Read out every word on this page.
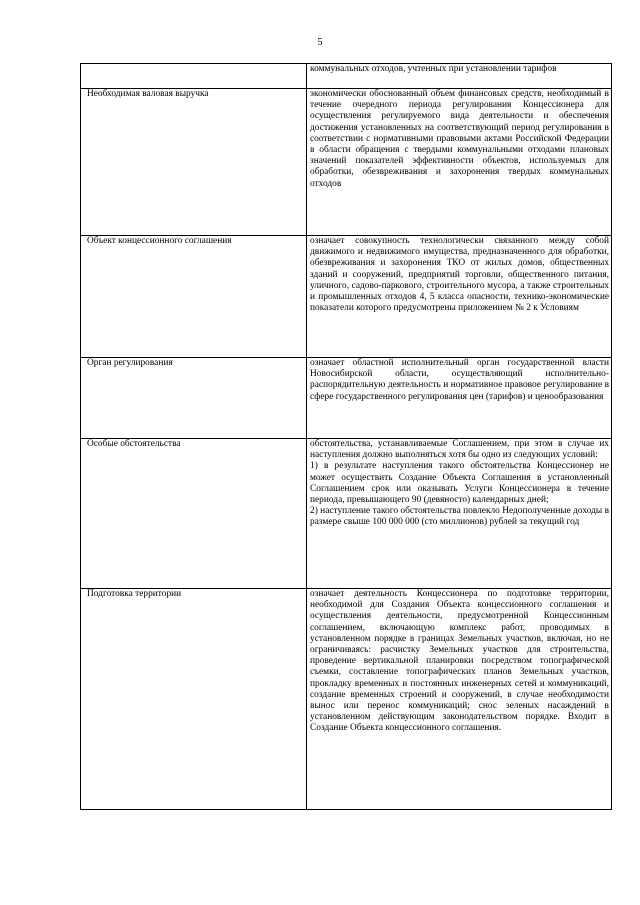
5

	коммунальных отходов, учтенных при установлении тарифов

Необходимая валовая выручка	экономически обоснованный объем финансовых средств, необходимый в течение очередного периода регулирования Концессионера для осуществления регулируемого вида деятельности и обеспечения достижения установленных на соответствующий период регулирования в соответствии с нормативными правовыми актами Российской Федерации в области обращения с твердыми коммунальными отходами плановых значений показателей эффективности объектов, используемых для обработки, обезвреживания и захоронения твердых коммунальных отходов

Объект концессионного соглашения	означает совокупность технологически связанного между собой движимого и недвижимого имущества, предназначенного для обработки, обезвреживания и захоронения ТКО от жилых домов, общественных зданий и сооружений, предприятий торговли, общественного питания, уличного, садово-паркового, строительного мусора, а также строительных и промышленных отходов 4, 5 класса опасности, технико-экономические показатели которого предусмотрены приложением № 2 к Условиям

Орган регулирования	означает областной исполнительный орган государственной власти Новосибирской области, осуществляющий исполнительно-распорядительную деятельность и нормативное правовое регулирование в сфере государственного регулирования цен (тарифов) и ценообразования

Особые обстоятельства	обстоятельства, устанавливаемые Соглашением, при этом в случае их наступления должно выполняться хотя бы одно из следующих условий:

1) в результате наступления такого обстоятельства Концессионер не может осуществить Создание Объекта Соглашения в установленный Соглашением срок или оказывать Услуги Концессионера в течение периода, превышающего 90 (девяносто) календарных дней;

2) наступление такого обстоятельства повлекло Недополученные доходы в размере свыше 100 000 000 (сто миллионов) рублей за текущий год

Подготовка территории	означает деятельность Концессионера по подготовке территории, необходимой для Создания Объекта концессионного соглашения и осуществления деятельности, предусмотренной Концессионным соглашением, включающую комплекс работ, проводимых в установленном порядке в границах Земельных участков, включая, но не ограничиваясь: расчистку Земельных участков для строительства, проведение вертикальной планировки посредством топографической съемки, составление топографических планов Земельных участков, прокладку временных и постоянных инженерных сетей и коммуникаций, создание временных строений и сооружений, в случае необходимости вынос или перенос коммуникаций; снос зеленых насаждений в установленном действующим законодательством порядке. Входит в Создание Объекта концессионного соглашения.
